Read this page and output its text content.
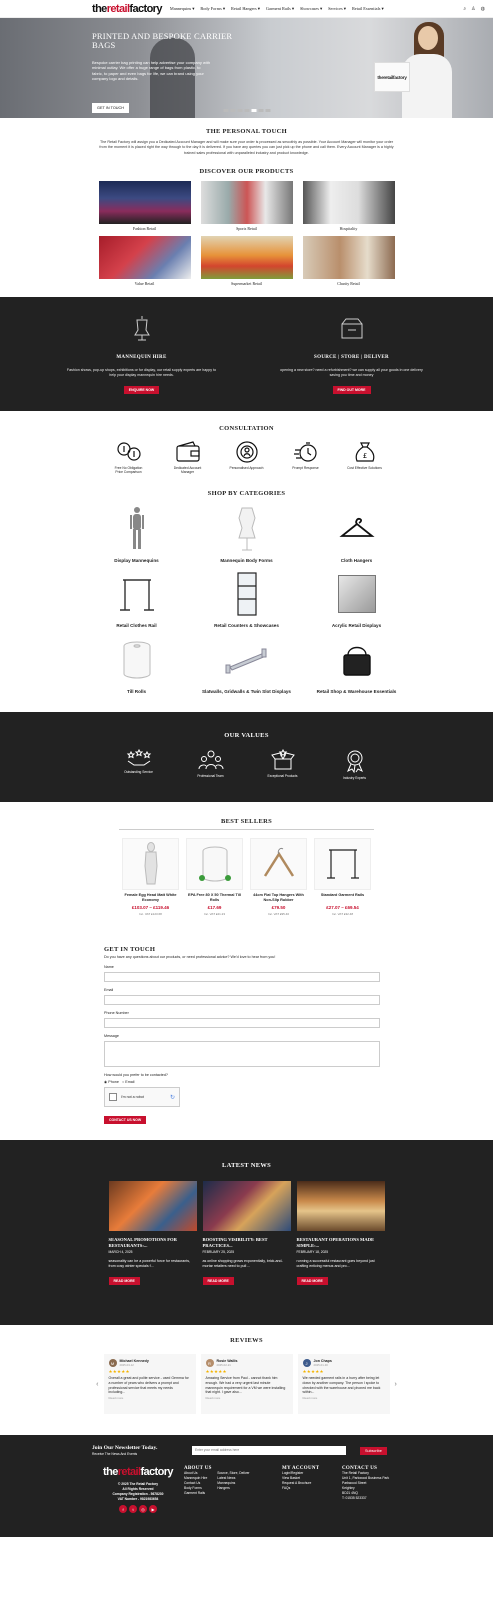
theretailfactory Mannequins ▾ Body Forms ▾ Retail Hangers ▾ Garment Rails ▾ Showcases ▾ Services ▾ Retail Essentials ▾	⌕ ♙ ◍
PRINTED AND BESPOKE CARRIER BAGS
Bespoke carrier bag printing can help advertise your company with minimal outlay. We offer a huge range of bags from plastic, to fabric, to paper and even bags for life, we can brand using your company logo and details.
GET IN TOUCH
theretailfactory
THE PERSONAL TOUCH

The Retail Factory will assign you a Dedicated Account Manager and will make sure your order is processed as smoothly as possible. Your Account Manager will monitor your order from the moment it is placed right the way through to the day it is delivered. If you have any queries you can just pick up the phone and call them. Every Account Manager is a highly trained sales professional with unparalleled industry and product knowledge.

DISCOVER OUR PRODUCTS
Fashion Retail	Sports Retail	Hospitality
Value Retail	Supermarket Retail	Charity Retail
MANNEQUIN HIRE

Fashion shows, pop-up shops, exhibitions or for display, our retail supply experts are happy to help your display mannequin hire needs.

ENQUIRE NOW
SOURCE | STORE | DELIVER

opening a new store? need a refurbishment? we can supply all your goods in one delivery saving you time and money

FIND OUT MORE
CONSULTATION
Free No Obligation Price Comparison
Dedicated Account Manager
Personalised Approach	Prompt Response
£
Cost Effective Solutions
SHOP BY CATEGORIES
Display Mannequins	Mannequin Body Forms	Cloth Hangers
Retail Clothes Rail	Retail Counters & Showcases	Acrylic Retail Displays
Till Rolls	Slatwalls, Gridwalls & Twin Slot Displays	Retail Shop & Warehouse Essentials
OUR VALUES
Outstanding Service
Professional Team	Exceptional Products	Industry Experts
BEST SELLERS
Female Egg Head Matt White Economy
£103.07 – £119.46
Inc. VAT £123.68
EPA Free 80 X 50 Thermal Till Rolls
£17.69
Inc. VAT £21.23
44cm Flat Top Hangers With Non-Slip Rubber
£79.50
Inc. VAT £95.40
Standard Garment Rails
£27.07 – £69.54
Inc. VAT £32.48
GET IN TOUCH
Do you have any questions about our products, or need professional advice? We'd love to hear from you!
Name
Email
Phone Number
Message
How would you prefer to be contacted?
◉ Phone ○ Email
I'm not a robot	↻
CONTACT US NOW
LATEST NEWS
SEASONAL PROMOTIONS FOR RESTAURANTS:...
MARCH 4, 2025

seasonality can be a powerful force for restaurants, from cosy winter specials f...

READ MORE
BOOSTING VISIBILITY: BEST PRACTICES...
FEBRUARY 25, 2025

as online shopping grows exponentially, brick-and-mortar retailers need to pull ...

READ MORE
RESTAURANT OPERATIONS MADE SIMPLE:...
FEBRUARY 18, 2025

running a successful restaurant goes beyond just crafting enticing menus and pro...

READ MORE
REVIEWS
‹
M	Michael Kennedy
2025-03-12
★★★★★
Overall a great and polite service - used Gemma for a number of years who delivers a prompt and professional service that meets my needs including...
Read more
R	Rosie Wallis
2025-02-21
★★★★★
Amazing Service from Paul - cannot thank him enough. We had a very urgent last minute mannequin requirement for a VM we were installing that night. I gave also...
Read more
J	Jon Chaps
2025-01-30
★★★★★
We needed garment rails in a hurry after being let down by another company. The person I spoke to checked with the warehouse and phoned me back within...
Read more
›
Join Our Newsletter Today.
Receive The News And Events
Enter your email address here	Subscribe
theretailfactory
© 2025 The Retail Factory
All Rights Reserved
Company Registration - 5678230
VAT Number - 9821983654
f	t	◎	▶
ABOUT US
About Us
Mannequin Hire
Contact Us
Body Forms
Garment Rails
Source, Store, Deliver
Latest News
Mannequins
Hangers
MY ACCOUNT
Login/Register
View Basket
Request A Brochure
FAQs
CONTACT US
The Retail Factory
Unit 1, Parkwood Business Park
Parkwood Street
Keighley
BD21 4NQ
T: 01535 523337
